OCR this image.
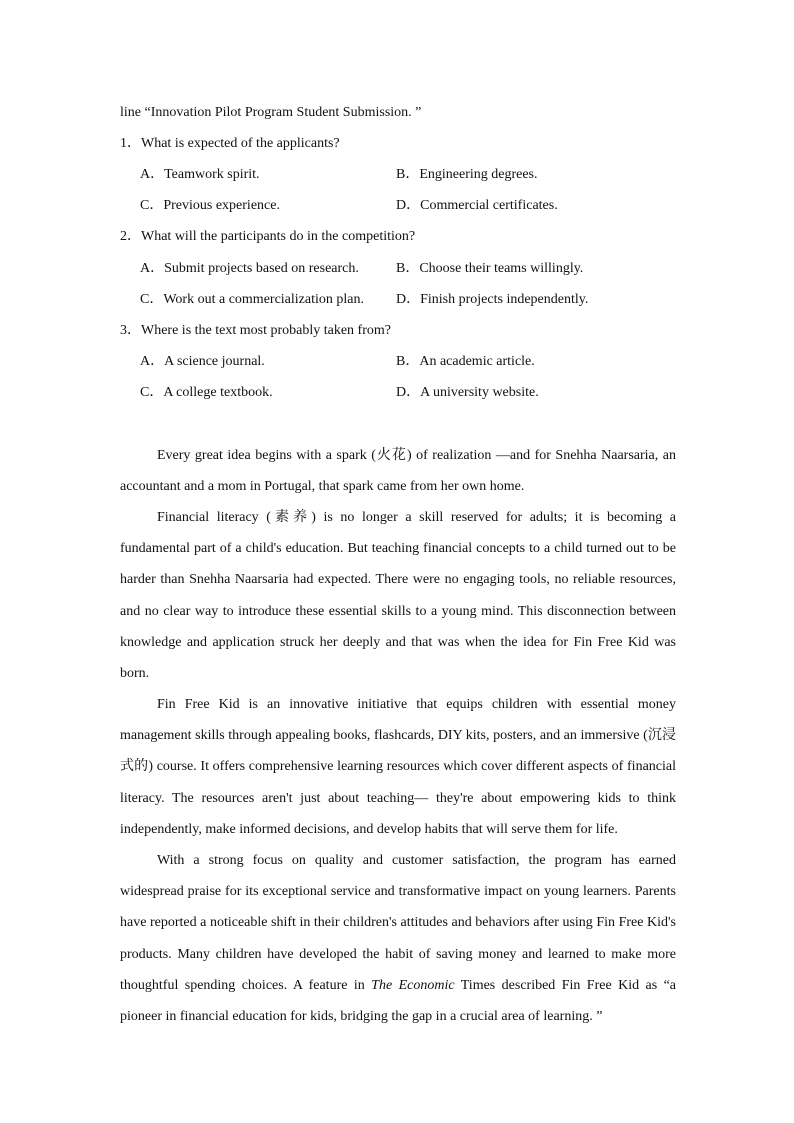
line “Innovation Pilot Program Student Submission. ”
1．What is expected of the applicants?
A．Teamwork spirit.	B．Engineering degrees.
C．Previous experience.	D．Commercial certificates.
2．What will the participants do in the competition?
A．Submit projects based on research.	B．Choose their teams willingly.
C．Work out a commercialization plan. D．Finish projects independently.
3．Where is the text most probably taken from?
A．A science journal.	B．An academic article.
C．A college textbook.	D．A university website.

Every great idea begins with a spark (火花) of realization —and for Snehha Naarsaria, an accountant and a mom in Portugal, that spark came from her own home.

Financial literacy (素养) is no longer a skill reserved for adults; it is becoming a fundamental part of a child's education. But teaching financial concepts to a child turned out to be harder than Snehha Naarsaria had expected. There were no engaging tools, no reliable resources, and no clear way to introduce these essential skills to a young mind. This disconnection between knowledge and application struck her deeply and that was when the idea for Fin Free Kid was born.

Fin Free Kid is an innovative initiative that equips children with essential money management skills through appealing books, flashcards, DIY kits, posters, and an immersive (沉浸式的) course. It offers comprehensive learning resources which cover different aspects of financial literacy. The resources aren't just about teaching— they're about empowering kids to think independently, make informed decisions, and develop habits that will serve them for life.

With a strong focus on quality and customer satisfaction, the program has earned widespread praise for its exceptional service and transformative impact on young learners. Parents have reported a noticeable shift in their children's attitudes and behaviors after using Fin Free Kid's products. Many children have developed the habit of saving money and learned to make more thoughtful spending choices. A feature in The Economic Times described Fin Free Kid as “a pioneer in financial education for kids, bridging the gap in a crucial area of learning. ”
